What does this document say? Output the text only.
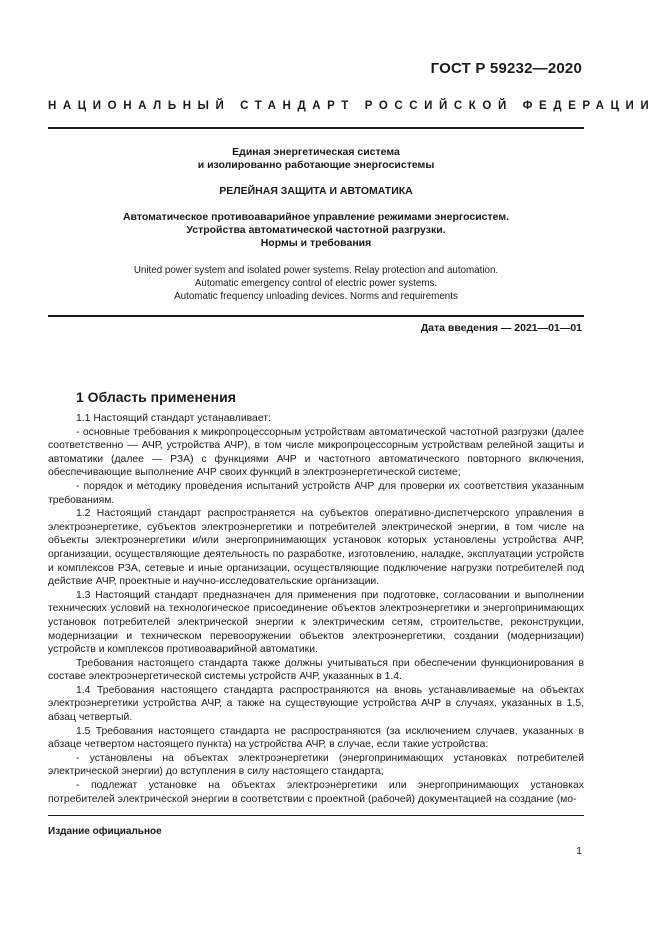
ГОСТ Р 59232—2020
НАЦИОНАЛЬНЫЙ СТАНДАРТ РОССИЙСКОЙ ФЕДЕРАЦИИ
Единая энергетическая система
и изолированно работающие энергосистемы
РЕЛЕЙНАЯ ЗАЩИТА И АВТОМАТИКА
Автоматическое противоаварийное управление режимами энергосистем.
Устройства автоматической частотной разгрузки.
Нормы и требования
United power system and isolated power systems. Relay protection and automation.
Automatic emergency control of electric power systems.
Automatic frequency unloading devices. Norms and requirements
Дата введения — 2021—01—01
1 Область применения

1.1 Настоящий стандарт устанавливает:

- основные требования к микропроцессорным устройствам автоматической частотной разгрузки (далее соответственно — АЧР, устройства АЧР), в том числе микропроцессорным устройствам релейной защиты и автоматики (далее — РЗА) с функциями АЧР и частотного автоматического повторного включения, обеспечивающие выполнение АЧР своих функций в электроэнергетической системе;

- порядок и методику проведения испытаний устройств АЧР для проверки их соответствия указанным требованиям.

1.2 Настоящий стандарт распространяется на субъектов оперативно-диспетчерского управления в электроэнергетике, субъектов электроэнергетики и потребителей электрической энергии, в том числе на объекты электроэнергетики и/или энергопринимающих установок которых установлены устройства АЧР, организации, осуществляющие деятельность по разработке, изготовлению, наладке, эксплуатации устройств и комплексов РЗА, сетевые и иные организации, осуществляющие подключение нагрузки потребителей под действие АЧР, проектные и научно-исследовательские организации.

1.3 Настоящий стандарт предназначен для применения при подготовке, согласовании и выполнении технических условий на технологическое присоединение объектов электроэнергетики и энергопринимающих установок потребителей электрической энергии к электрическим сетям, строительстве, реконструкции, модернизации и техническом перевооружении объектов электроэнергетики, создании (модернизации) устройств и комплексов противоаварийной автоматики.

Требования настоящего стандарта также должны учитываться при обеспечении функционирования в составе электроэнергетической системы устройств АЧР, указанных в 1.4.

1.4 Требования настоящего стандарта распространяются на вновь устанавливаемые на объектах электроэнергетики устройства АЧР, а также на существующие устройства АЧР в случаях, указанных в 1.5, абзац четвертый.

1.5 Требования настоящего стандарта не распространяются (за исключением случаев, указанных в абзаце четвертом настоящего пункта) на устройства АЧР, в случае, если такие устройства:

- установлены на объектах электроэнергетики (энергопринимающих установках потребителей электрической энергии) до вступления в силу настоящего стандарта;

- подлежат установке на объектах электроэнергетики или энергопринимающих установках потребителей электрической энергии в соответствии с проектной (рабочей) документацией на создание (мо-

Издание официальное
1
